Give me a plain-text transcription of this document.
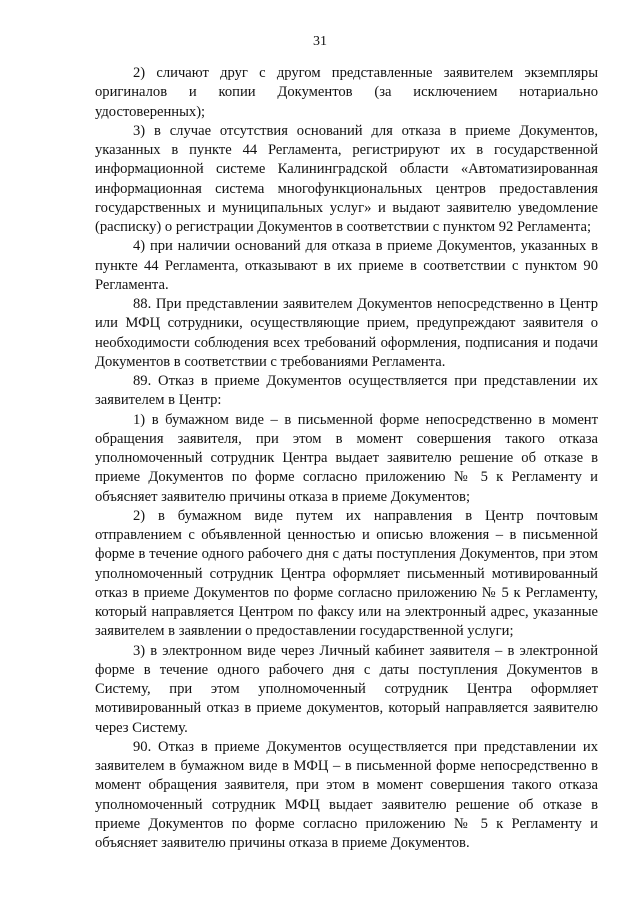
31

2) сличают друг с другом представленные заявителем экземпляры оригиналов и копии Документов (за исключением нотариально удостоверенных);

3) в случае отсутствия оснований для отказа в приеме Документов, указанных в пункте 44 Регламента, регистрируют их в государственной информационной системе Калининградской области «Автоматизированная информационная система многофункциональных центров предоставления государственных и муниципальных услуг» и выдают заявителю уведомление (расписку) о регистрации Документов в соответствии с пунктом 92 Регламента;

4) при наличии оснований для отказа в приеме Документов, указанных в пункте 44 Регламента, отказывают в их приеме в соответствии с пунктом 90 Регламента.

88. При представлении заявителем Документов непосредственно в Центр или МФЦ сотрудники, осуществляющие прием, предупреждают заявителя о необходимости соблюдения всех требований оформления, подписания и подачи Документов в соответствии с требованиями Регламента.

89. Отказ в приеме Документов осуществляется при представлении их заявителем в Центр:

1) в бумажном виде – в письменной форме непосредственно в момент обращения заявителя, при этом в момент совершения такого отказа уполномоченный сотрудник Центра выдает заявителю решение об отказе в приеме Документов по форме согласно приложению № 5 к Регламенту и объясняет заявителю причины отказа в приеме Документов;

2) в бумажном виде путем их направления в Центр почтовым отправлением с объявленной ценностью и описью вложения – в письменной форме в течение одного рабочего дня с даты поступления Документов, при этом уполномоченный сотрудник Центра оформляет письменный мотивированный отказ в приеме Документов по форме согласно приложению № 5 к Регламенту, который направляется Центром по факсу или на электронный адрес, указанные заявителем в заявлении о предоставлении государственной услуги;

3) в электронном виде через Личный кабинет заявителя – в электронной форме в течение одного рабочего дня с даты поступления Документов в Систему, при этом уполномоченный сотрудник Центра оформляет мотивированный отказ в приеме документов, который направляется заявителю через Систему.

90. Отказ в приеме Документов осуществляется при представлении их заявителем в бумажном виде в МФЦ – в письменной форме непосредственно в момент обращения заявителя, при этом в момент совершения такого отказа уполномоченный сотрудник МФЦ выдает заявителю решение об отказе в приеме Документов по форме согласно приложению № 5 к Регламенту и объясняет заявителю причины отказа в приеме Документов.
